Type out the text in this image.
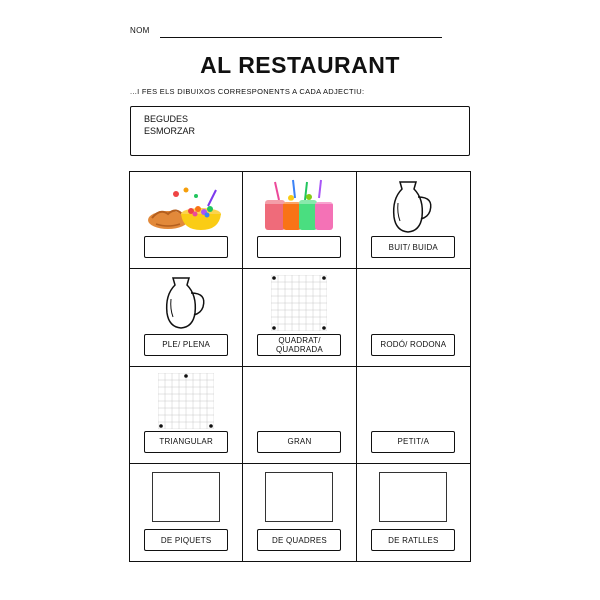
NOM
AL RESTAURANT
...I FES ELS DIBUIXOS CORRESPONENTS A CADA ADJECTIU:
BEGUDES
ESMORZAR
BUIT/ BUIDA
PLE/ PLENA	QUADRAT/ QUADRADA	RODÓ/ RODONA
TRIANGULAR	GRAN	PETIT/A
DE PIQUETS	DE QUADRES	DE RATLLES
